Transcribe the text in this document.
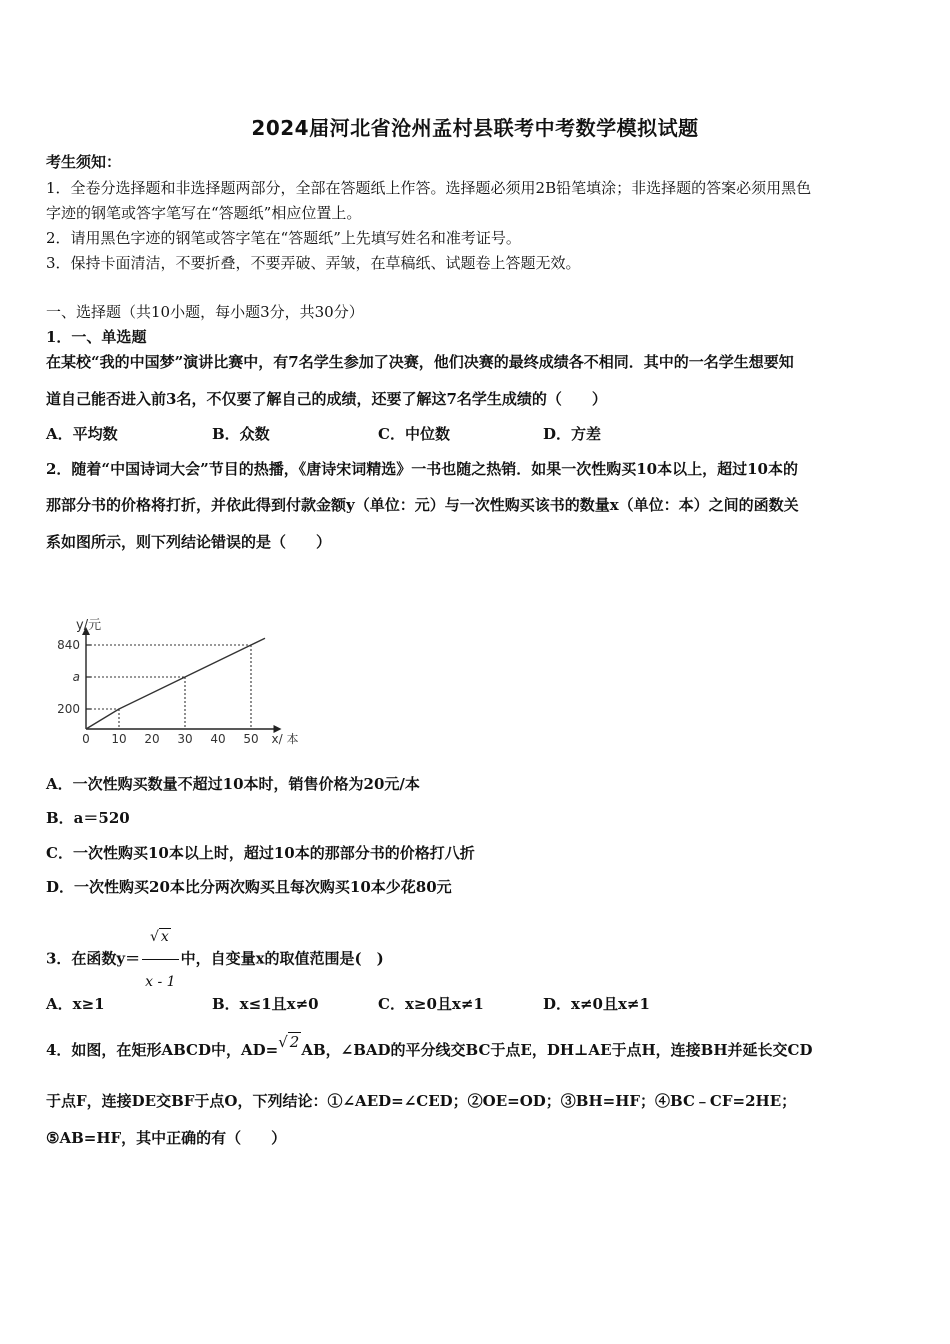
2024届河北省沧州孟村县联考中考数学模拟试题
考生须知：
1．全卷分选择题和非选择题两部分，全部在答题纸上作答。选择题必须用2B铅笔填涂；非选择题的答案必须用黑色
字迹的钢笔或答字笔写在“答题纸”相应位置上。
2．请用黑色字迹的钢笔或答字笔在“答题纸”上先填写姓名和准考证号。
3．保持卡面清洁，不要折叠，不要弄破、弄皱，在草稿纸、试题卷上答题无效。
一、选择题（共10小题，每小题3分，共30分）
1．一、单选题
在某校“我的中国梦”演讲比赛中，有7名学生参加了决赛，他们决赛的最终成绩各不相同．其中的一名学生想要知
道自己能否进入前3名，不仅要了解自己的成绩，还要了解这7名学生成绩的（　　）
A．平均数	B．众数	C．中位数	D．方差
2．随着“中国诗词大会”节目的热播，《唐诗宋词精选》一书也随之热销．如果一次性购买10本以上，超过10本的
那部分书的价格将打折，并依此得到付款金额y（单位：元）与一次性购买该书的数量x（单位：本）之间的函数关
系如图所示，则下列结论错误的是（　　）
0 10 20 30 40 50
200
a
840
y/元
x/ 本
A．一次性购买数量不超过10本时，销售价格为20元/本
B．a＝520
C．一次性购买10本以上时，超过10本的那部分书的价格打八折
D．一次性购买20本比分两次购买且每次购买10本少花80元
3．在函数$y= \frac{√ x}{x - 1}$ 中，自变量x的取值范围是(　)
A．x≥1	B．x≤1且x≠0	C．x≥0且x≠1	D．x≠0且x≠1
4．如图，在矩形ABCD中，AD=√ 2 AB，∠BAD的平分线交BC于点E，DH⊥AE于点H，连接BH并延长交CD
于点F，连接DE交BF于点O，下列结论：①∠AED=∠CED；②OE=OD；③BH=HF；④BC﹣CF=2HE；
⑤AB=HF，其中正确的有（　　）
